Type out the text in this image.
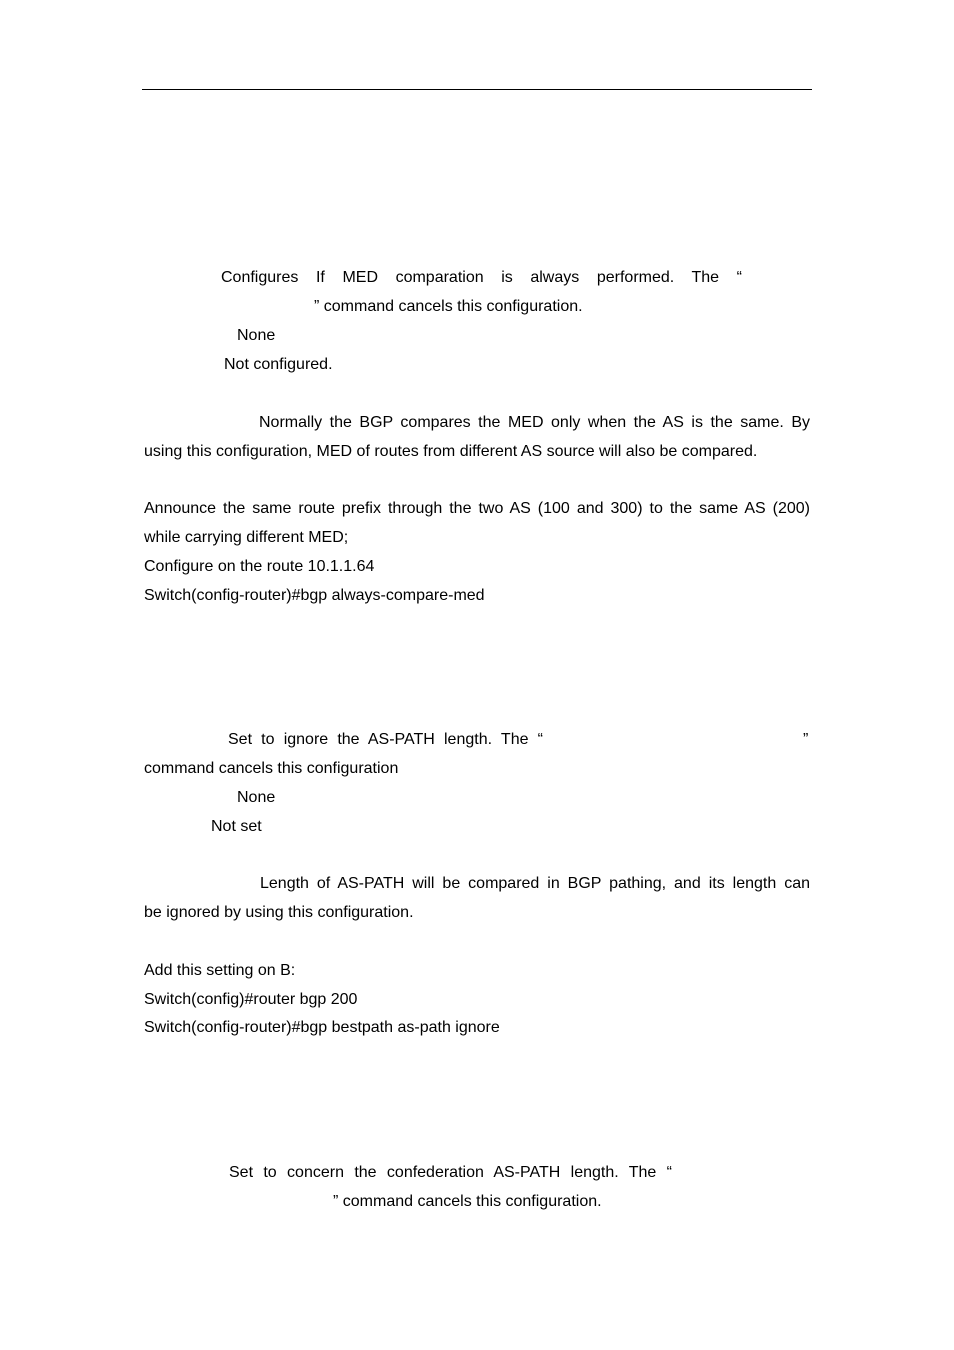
Configures If MED comparation is always performed. The “
” command cancels this configuration.
None
Not configured.
Normally the BGP compares the MED only when the AS is the same. By
using this configuration, MED of routes from different AS source will also be compared.
Announce the same route prefix through the two AS (100 and 300) to the same AS (200)
while carrying different MED;
Configure on the route 10.1.1.64
Switch(config-router)#bgp always-compare-med
Set to ignore the AS-PATH length. The “	”
command cancels this configuration
None
Not set
Length of AS-PATH will be compared in BGP pathing, and its length can
be ignored by using this configuration.
Add this setting on B:
Switch(config)#router bgp 200
Switch(config-router)#bgp bestpath as-path ignore
Set to concern the confederation AS-PATH length. The “
” command cancels this configuration.
